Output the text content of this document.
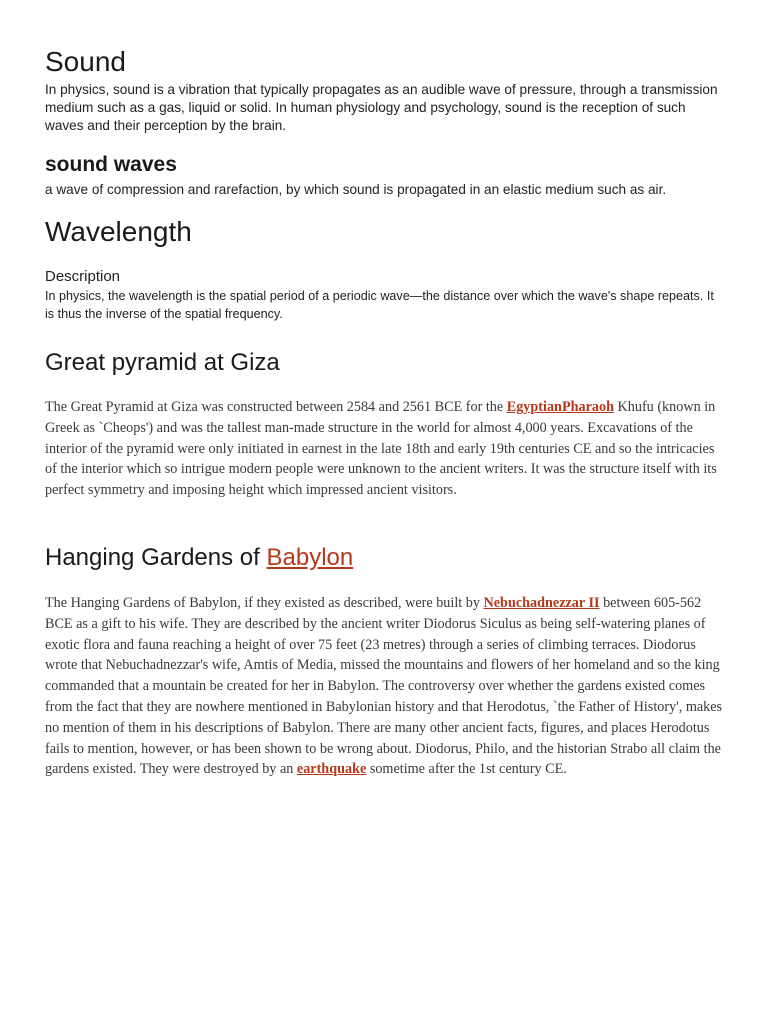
Sound

In physics, sound is a vibration that typically propagates as an audible wave of pressure, through a transmission medium such as a gas, liquid or solid. In human physiology and psychology, sound is the reception of such waves and their perception by the brain.

sound waves

a wave of compression and rarefaction, by which sound is propagated in an elastic medium such as air.

Wavelength
Description

In physics, the wavelength is the spatial period of a periodic wave—the distance over which the wave's shape repeats. It is thus the inverse of the spatial frequency.

Great pyramid at Giza

The Great Pyramid at Giza was constructed between 2584 and 2561 BCE for the EgyptianPharaoh Khufu (known in Greek as `Cheops') and was the tallest man-made structure in the world for almost 4,000 years. Excavations of the interior of the pyramid were only initiated in earnest in the late 18th and early 19th centuries CE and so the intricacies of the interior which so intrigue modern people were unknown to the ancient writers. It was the structure itself with its perfect symmetry and imposing height which impressed ancient visitors.

Hanging Gardens of Babylon

The Hanging Gardens of Babylon, if they existed as described, were built by Nebuchadnezzar II between 605-562 BCE as a gift to his wife. They are described by the ancient writer Diodorus Siculus as being self-watering planes of exotic flora and fauna reaching a height of over 75 feet (23 metres) through a series of climbing terraces. Diodorus wrote that Nebuchadnezzar's wife, Amtis of Media, missed the mountains and flowers of her homeland and so the king commanded that a mountain be created for her in Babylon. The controversy over whether the gardens existed comes from the fact that they are nowhere mentioned in Babylonian history and that Herodotus, `the Father of History', makes no mention of them in his descriptions of Babylon. There are many other ancient facts, figures, and places Herodotus fails to mention, however, or has been shown to be wrong about. Diodorus, Philo, and the historian Strabo all claim the gardens existed. They were destroyed by an earthquake sometime after the 1st century CE.
